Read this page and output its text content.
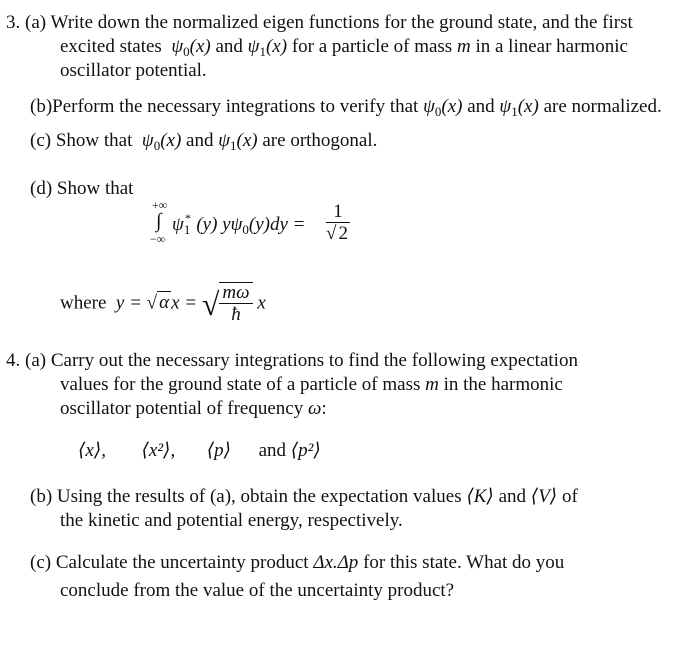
3. (a) Write down the normalized eigen functions for the ground state, and the first
excited states  $\psi_0(x)$ and $\psi_1(x)$ for a particle of mass m in a linear harmonic
oscillator potential.
(b)Perform the necessary integrations to verify that $\psi_0(x)$ and $\psi_1(x)$ are normalized.
(c) Show that  $\psi_0(x)$ and $\psi_1(x)$ are orthogonal.
(d) Show that
+∞
∫
−∞
$\psi_1^*$ (y) $y\psi_0(y)dy = \frac{1}{√ 2}$
where  y = √ α x = √ $\frac{m\omega}{ħ}$ x
4. (a) Carry out the necessary integrations to find the following expectation
values for the ground state of a particle of mass m in the harmonic
oscillator potential of frequency ω:
⟨x⟩, ⟨x²⟩, ⟨p⟩ and ⟨p²⟩
(b) Using the results of (a), obtain the expectation values ⟨K⟩ and ⟨V⟩ of
the kinetic and potential energy, respectively.
(c) Calculate the uncertainty product Δx.Δp for this state. What do you
conclude from the value of the uncertainty product?
